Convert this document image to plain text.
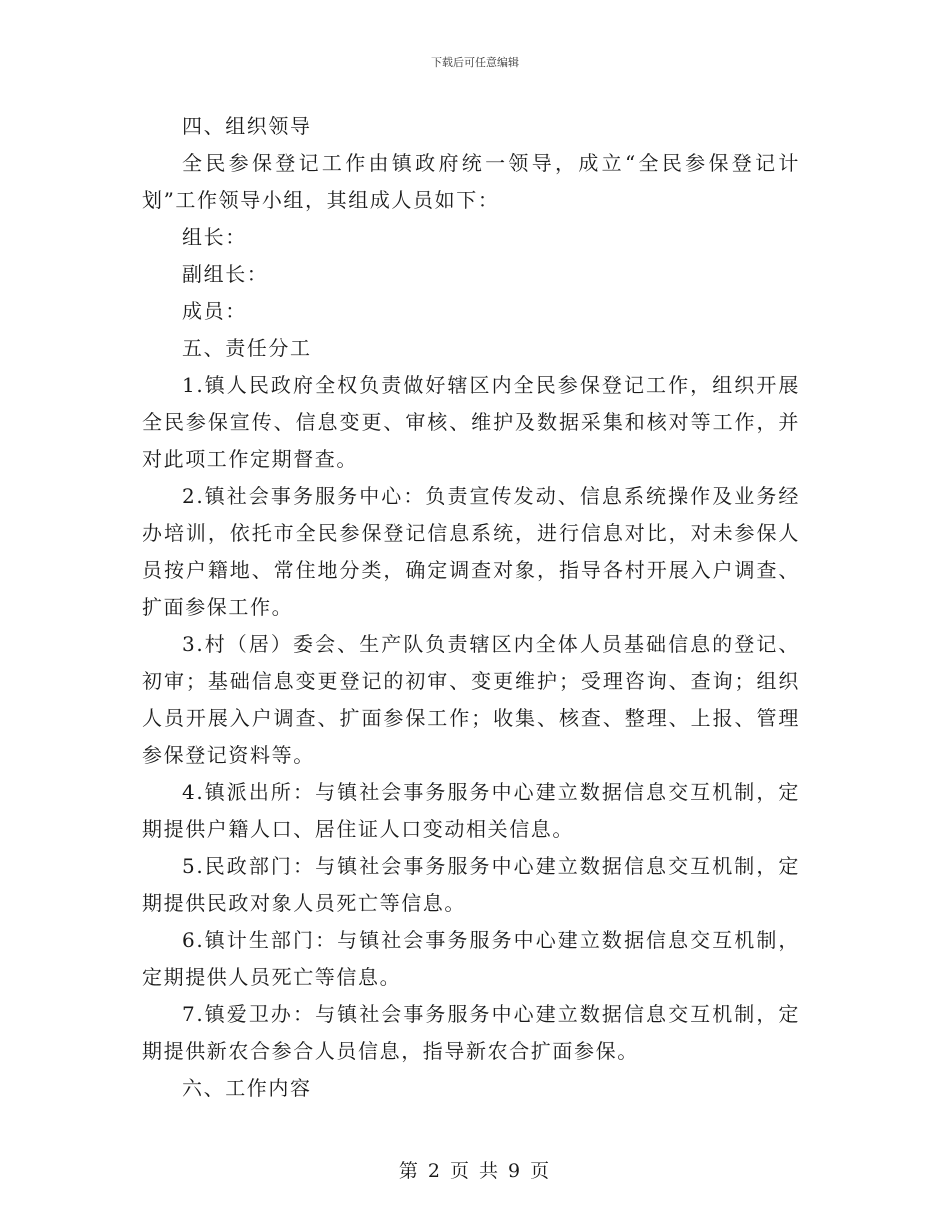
下载后可任意编辑

四、组织领导

全民参保登记工作由镇政府统一领导，成立“全民参保登记计划”工作领导小组，其组成人员如下：

组长：

副组长：

成员：

五、责任分工

1.镇人民政府全权负责做好辖区内全民参保登记工作，组织开展全民参保宣传、信息变更、审核、维护及数据采集和核对等工作，并对此项工作定期督查。

2.镇社会事务服务中心：负责宣传发动、信息系统操作及业务经办培训，依托市全民参保登记信息系统，进行信息对比，对未参保人员按户籍地、常住地分类，确定调查对象，指导各村开展入户调查、扩面参保工作。

3.村（居）委会、生产队负责辖区内全体人员基础信息的登记、初审；基础信息变更登记的初审、变更维护；受理咨询、查询；组织人员开展入户调查、扩面参保工作；收集、核查、整理、上报、管理参保登记资料等。

4.镇派出所：与镇社会事务服务中心建立数据信息交互机制，定期提供户籍人口、居住证人口变动相关信息。

5.民政部门：与镇社会事务服务中心建立数据信息交互机制，定期提供民政对象人员死亡等信息。

6.镇计生部门：与镇社会事务服务中心建立数据信息交互机制，定期提供人员死亡等信息。

7.镇爱卫办：与镇社会事务服务中心建立数据信息交互机制，定期提供新农合参合人员信息，指导新农合扩面参保。

六、工作内容

第 2 页 共 9 页
